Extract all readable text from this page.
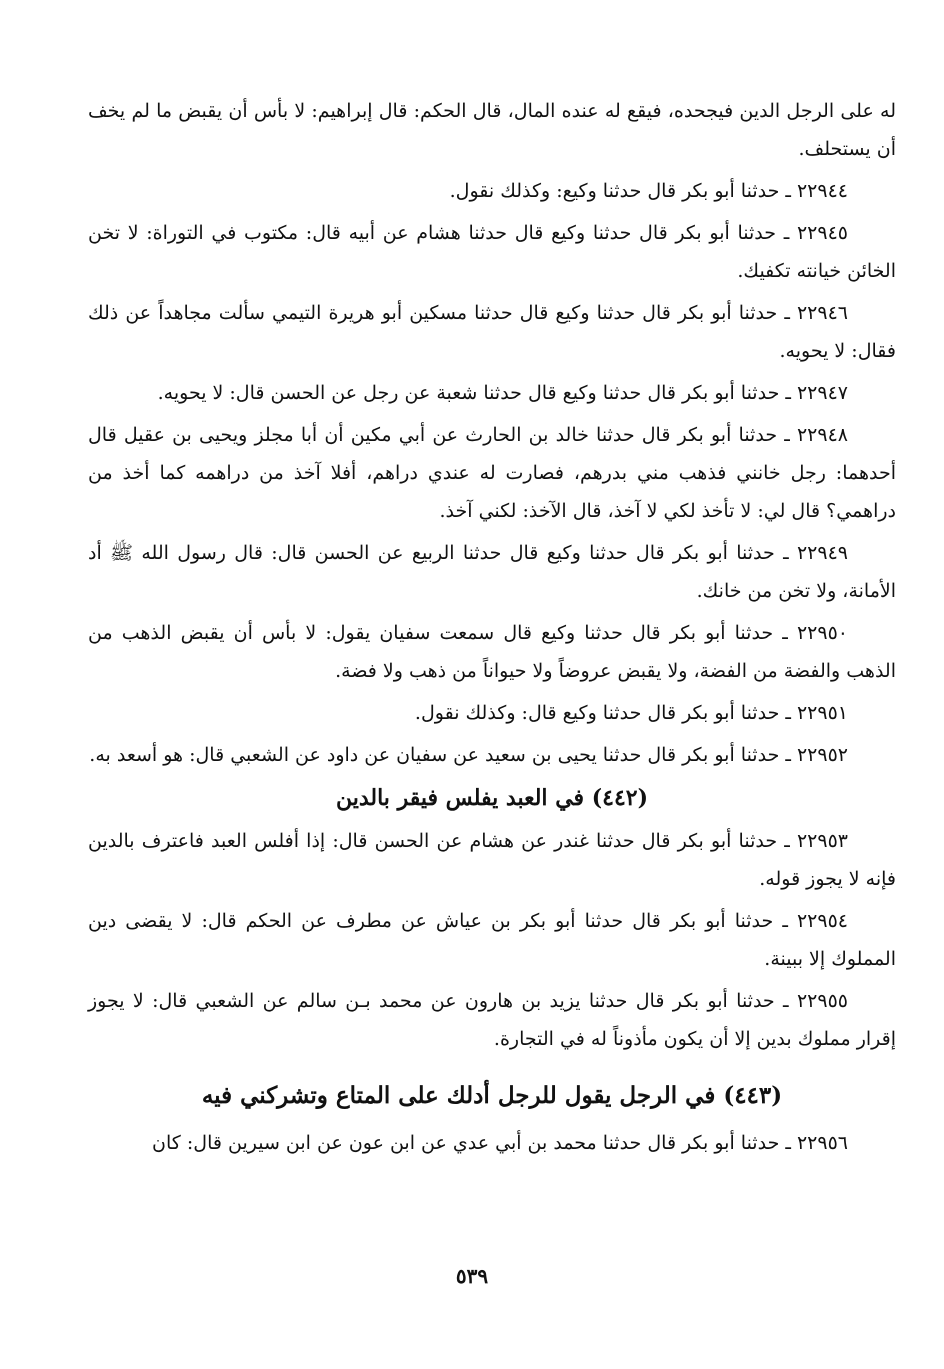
له على الرجل الدين فيجحده، فيقع له عنده المال، قال الحكم: قال إبراهيم: لا بأس أن يقبض ما لم يخف أن يستحلف.

٢٢٩٤٤ ـ حدثنا أبو بكر قال حدثنا وكيع: وكذلك نقول.

٢٢٩٤٥ ـ حدثنا أبو بكر قال حدثنا وكيع قال حدثنا هشام عن أبيه قال: مكتوب في التوراة: لا تخن الخائن خيانته تكفيك.

٢٢٩٤٦ ـ حدثنا أبو بكر قال حدثنا وكيع قال حدثنا مسكين أبو هريرة التيمي سألت مجاهداً عن ذلك فقال: لا يحويه.

٢٢٩٤٧ ـ حدثنا أبو بكر قال حدثنا وكيع قال حدثنا شعبة عن رجل عن الحسن قال: لا يحويه.

٢٢٩٤٨ ـ حدثنا أبو بكر قال حدثنا خالد بن الحارث عن أبي مكين أن أبا مجلز ويحيى بن عقيل قال أحدهما: رجل خانني فذهب مني بدرهم، فصارت له عندي دراهم، أفلا آخذ من دراهمه كما أخذ من دراهمي؟ قال لي: لا تأخذ لكي لا آخذ، قال الآخذ: لكني آخذ.

٢٢٩٤٩ ـ حدثنا أبو بكر قال حدثنا وكيع قال حدثنا الربيع عن الحسن قال: قال رسول الله ﷺ أد الأمانة، ولا تخن من خانك.

٢٢٩٥٠ ـ حدثنا أبو بكر قال حدثنا وكيع قال سمعت سفيان يقول: لا بأس أن يقبض الذهب من الذهب والفضة من الفضة، ولا يقبض عروضاً ولا حيواناً من ذهب ولا فضة.

٢٢٩٥١ ـ حدثنا أبو بكر قال حدثنا وكيع قال: وكذلك نقول.

٢٢٩٥٢ ـ حدثنا أبو بكر قال حدثنا يحيى بن سعيد عن سفيان عن داود عن الشعبي قال: هو أسعد به.

(٤٤٢) في العبد يفلس فيقر بالدين

٢٢٩٥٣ ـ حدثنا أبو بكر قال حدثنا غندر عن هشام عن الحسن قال: إذا أفلس العبد فاعترف بالدين فإنه لا يجوز قوله.

٢٢٩٥٤ ـ حدثنا أبو بكر قال حدثنا أبو بكر بن عياش عن مطرف عن الحكم قال: لا يقضى دين المملوك إلا ببينة.

٢٢٩٥٥ ـ حدثنا أبو بكر قال حدثنا يزيد بن هارون عن محمد بـن سالم عن الشعبي قال: لا يجوز إقرار مملوك بدين إلا أن يكون مأذوناً له في التجارة.

(٤٤٣) في الرجل يقول للرجل أدلك على المتاع وتشركني فيه

٢٢٩٥٦ ـ حدثنا أبو بكر قال حدثنا محمد بن أبي عدي عن ابن عون عن ابن سيرين قال: كان

٥٣٩
